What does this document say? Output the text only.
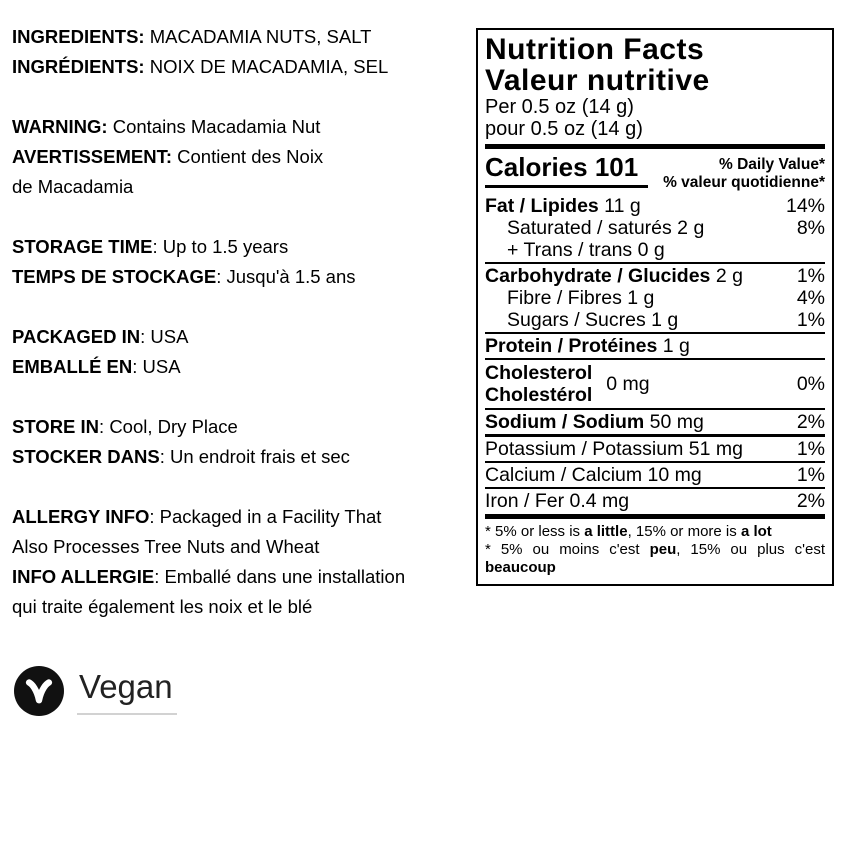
INGREDIENTS: MACADAMIA NUTS, SALT
INGRÉDIENTS: NOIX DE MACADAMIA, SEL
WARNING: Contains Macadamia Nut
AVERTISSEMENT: Contient des Noix
de Macadamia
STORAGE TIME: Up to 1.5 years
TEMPS DE STOCKAGE: Jusqu'à 1.5 ans
PACKAGED IN: USA
EMBALLÉ EN: USA
STORE IN: Cool, Dry Place
STOCKER DANS: Un endroit frais et sec
ALLERGY INFO: Packaged in a Facility That
Also Processes Tree Nuts and Wheat
INFO ALLERGIE: Emballé dans une installation
qui traite également les noix et le blé
Vegan
Nutrition Facts
Valeur nutritive
Per 0.5 oz (14 g)
pour 0.5 oz (14 g)
Calories 101	% Daily Value*
% valeur quotidienne*
Fat / Lipides 11 g	14%
Saturated / saturés 2 g	8%
+ Trans / trans 0 g
Carbohydrate / Glucides 2 g	1%
Fibre / Fibres 1 g	4%
Sugars / Sucres 1 g	1%
Protein / Protéines 1 g
Cholesterol
Cholestérol 0 mg	0%
Sodium / Sodium 50 mg	2%
Potassium / Potassium 51 mg	1%
Calcium / Calcium 10 mg	1%
Iron / Fer 0.4 mg	2%
* 5% or less is a little, 15% or more is a lot
* 5% ou moins c'est peu, 15% ou plus c'est beaucoup
